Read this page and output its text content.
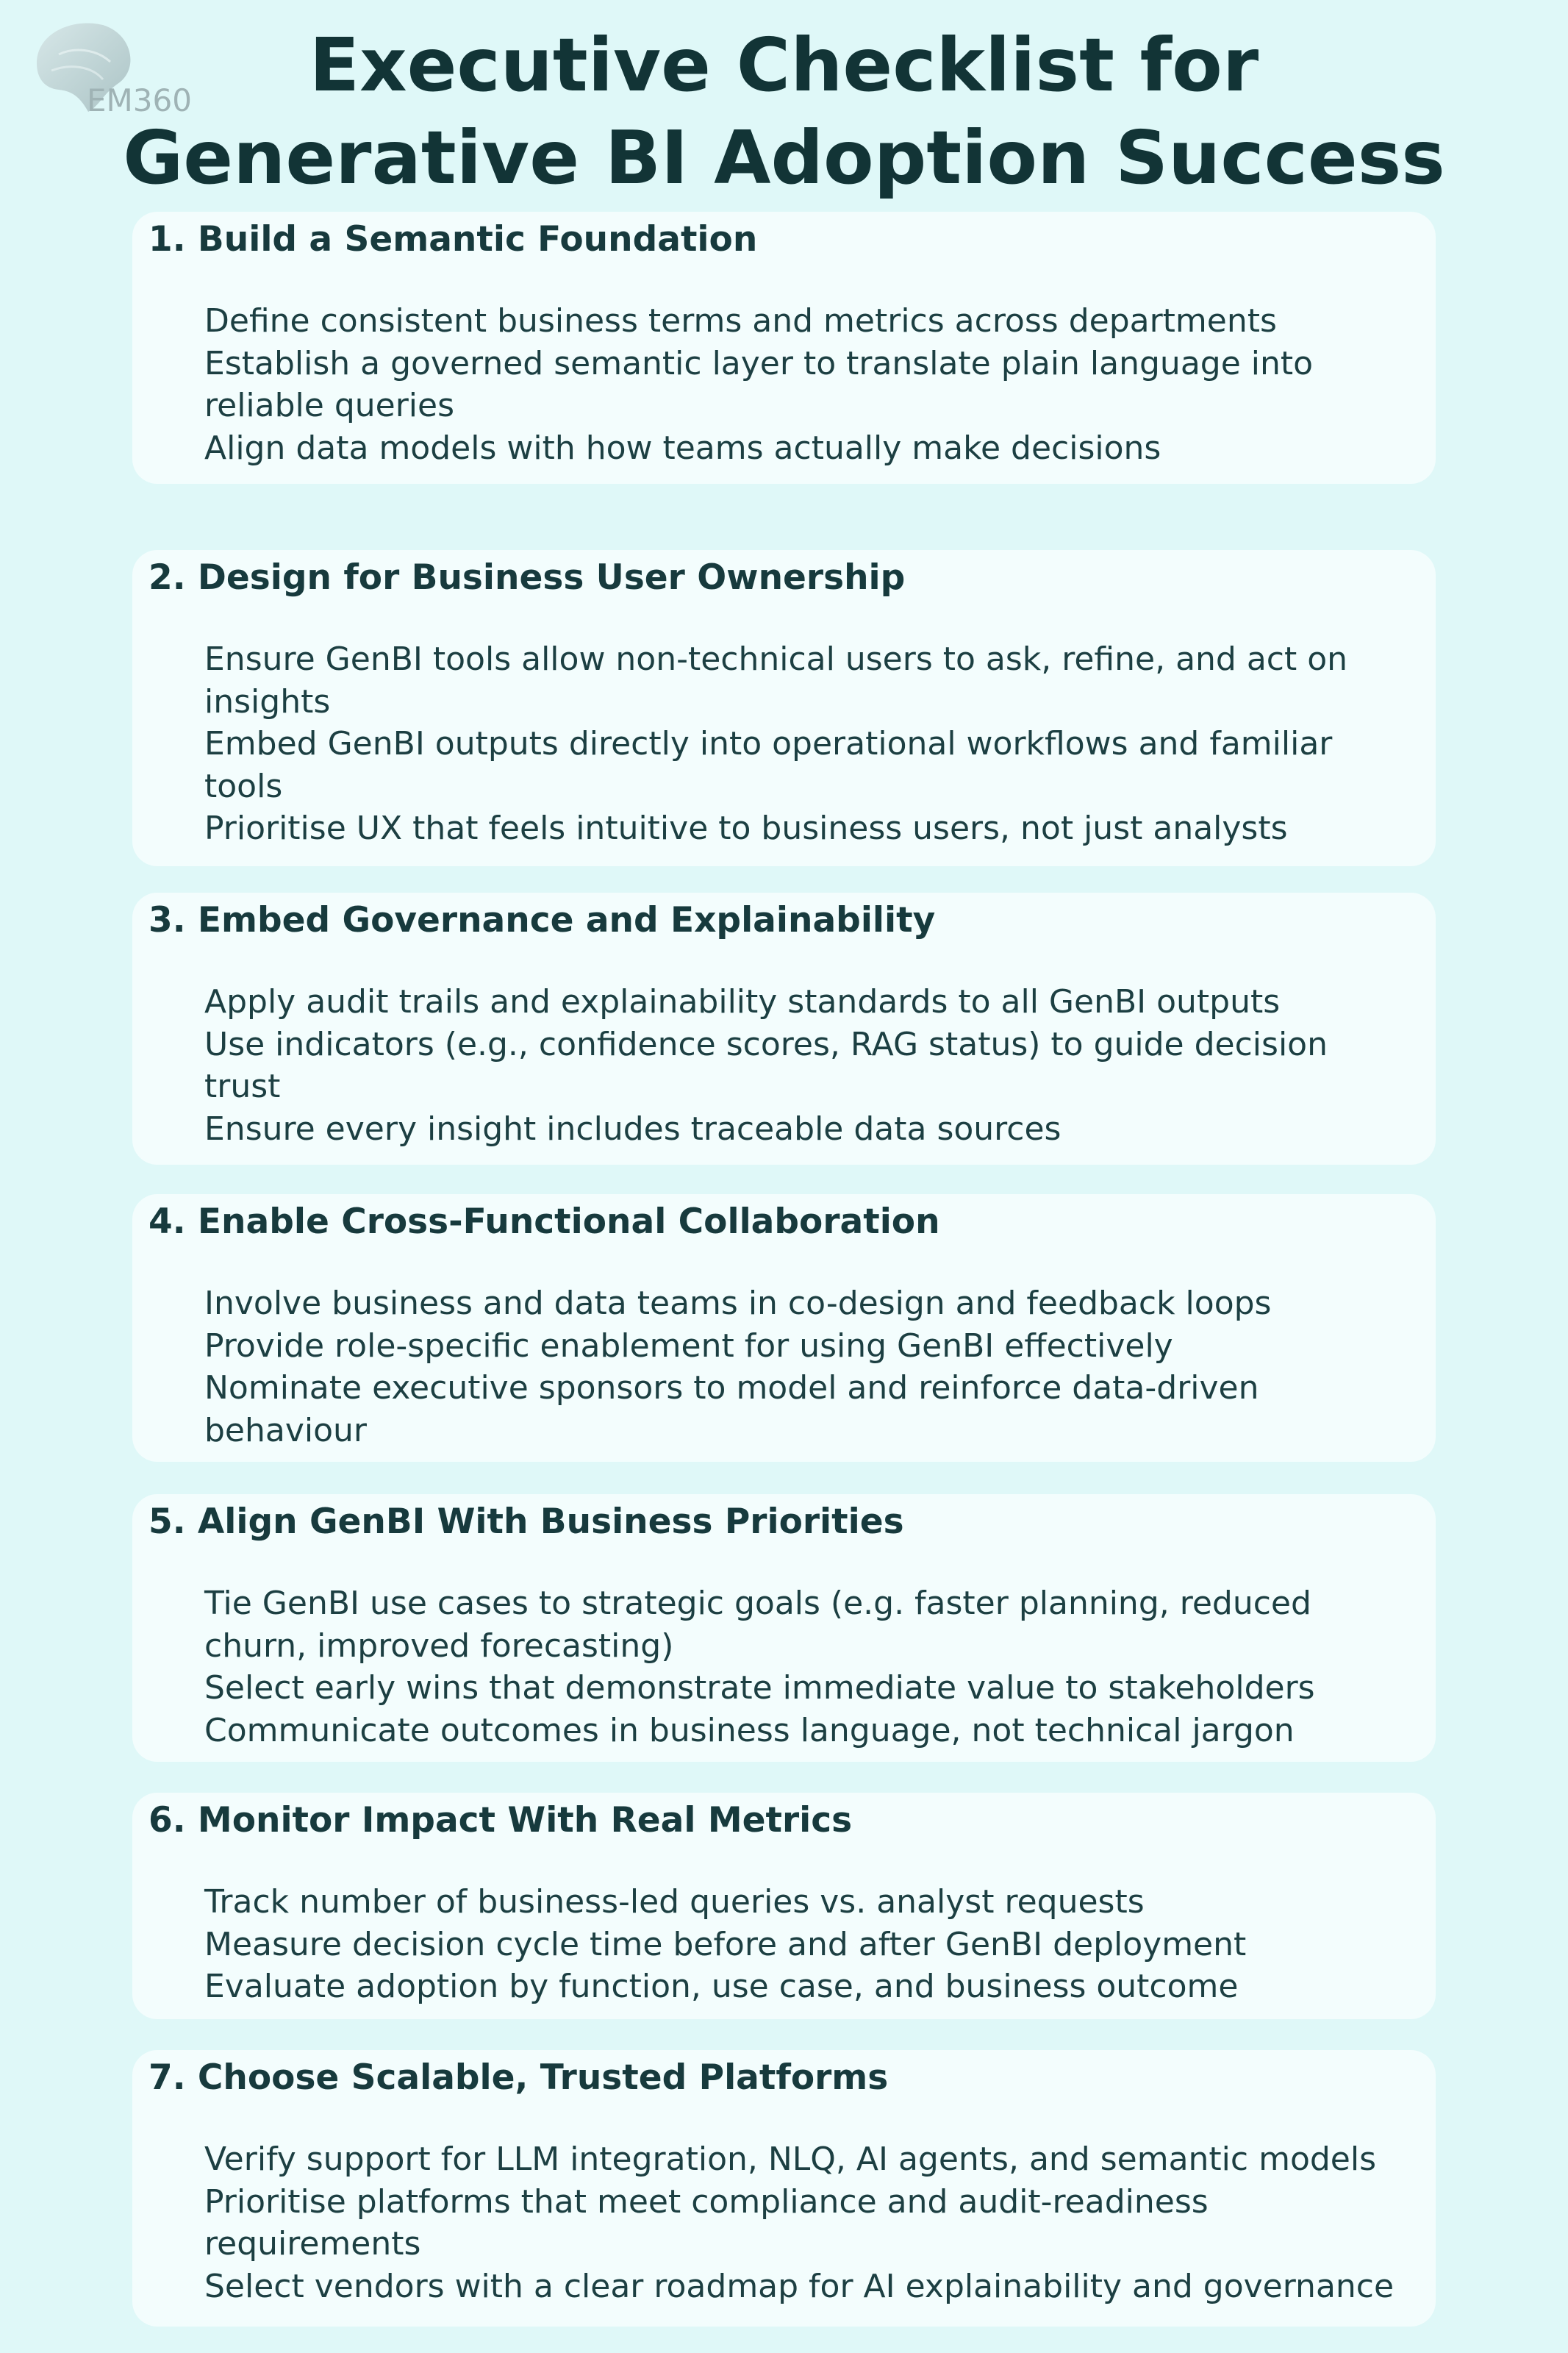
EM360	Executive Checklist for
Generative BI Adoption Success
1. Build a Semantic Foundation
Define consistent business terms and metrics across departments
Establish a governed semantic layer to translate plain language into reliable queries
Align data models with how teams actually make decisions
2. Design for Business User Ownership
Ensure GenBI tools allow non-technical users to ask, refine, and act on insights
Embed GenBI outputs directly into operational workflows and familiar tools
Prioritise UX that feels intuitive to business users, not just analysts
3. Embed Governance and Explainability
Apply audit trails and explainability standards to all GenBI outputs
Use indicators (e.g., confidence scores, RAG status) to guide decision trust
Ensure every insight includes traceable data sources
4. Enable Cross-Functional Collaboration
Involve business and data teams in co-design and feedback loops
Provide role-specific enablement for using GenBI effectively
Nominate executive sponsors to model and reinforce data-driven behaviour
5. Align GenBI With Business Priorities
Tie GenBI use cases to strategic goals (e.g. faster planning, reduced churn, improved forecasting)
Select early wins that demonstrate immediate value to stakeholders
Communicate outcomes in business language, not technical jargon
6. Monitor Impact With Real Metrics
Track number of business-led queries vs. analyst requests
Measure decision cycle time before and after GenBI deployment
Evaluate adoption by function, use case, and business outcome
7. Choose Scalable, Trusted Platforms
Verify support for LLM integration, NLQ, AI agents, and semantic models
Prioritise platforms that meet compliance and audit-readiness requirements
Select vendors with a clear roadmap for AI explainability and governance
